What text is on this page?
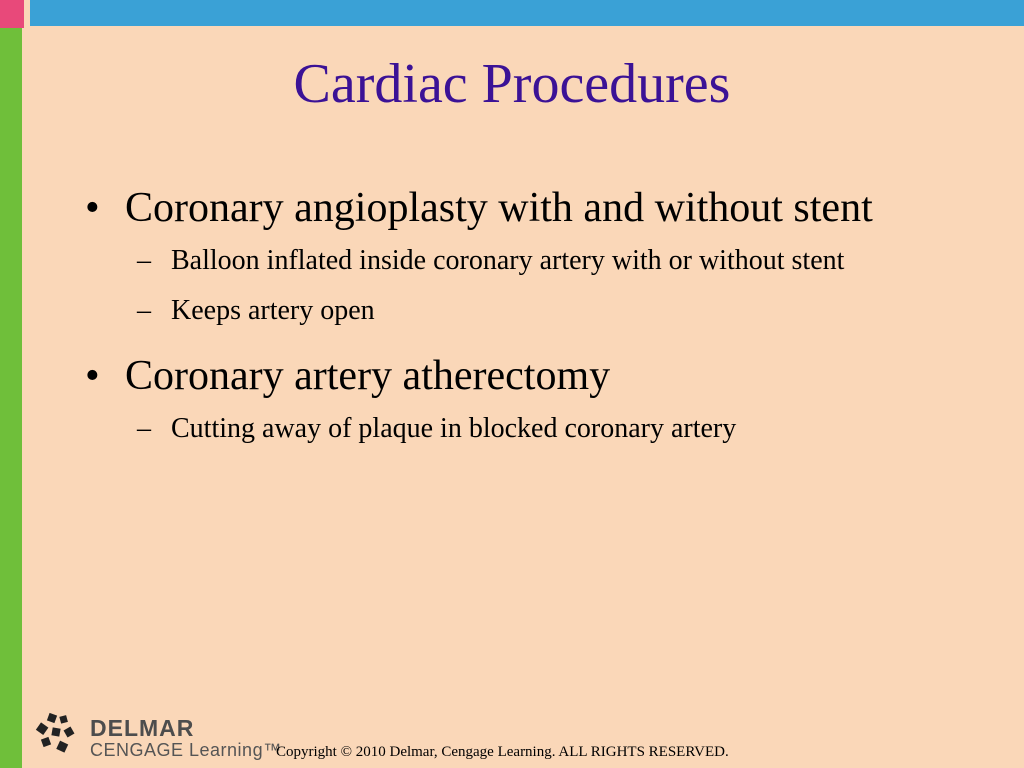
Cardiac Procedures
• Coronary angioplasty with and without stent
– Balloon inflated inside coronary artery with or without stent
– Keeps artery open
• Coronary artery atherectomy
– Cutting away of plaque in blocked coronary artery
DELMAR
CENGAGE Learning™
Copyright © 2010 Delmar, Cengage Learning. ALL RIGHTS RESERVED.
